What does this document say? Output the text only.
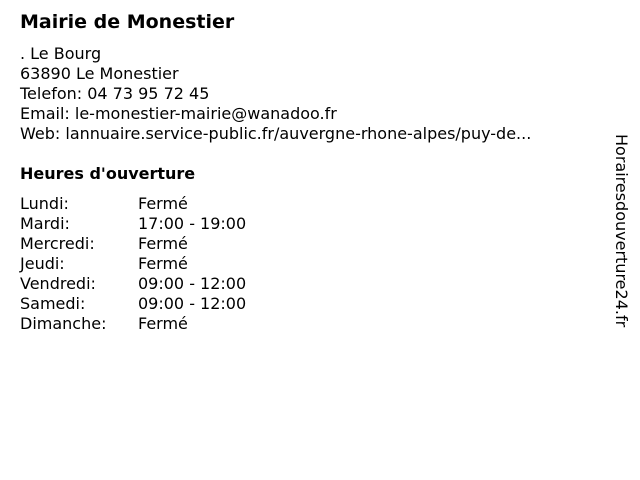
Mairie de Monestier
. Le Bourg
63890 Le Monestier
Telefon: 04 73 95 72 45
Email: le-monestier-mairie@wanadoo.fr
Web: lannuaire.service-public.fr/auvergne-rhone-alpes/puy-de...
Heures d'ouverture
Lundi:	Fermé
Mardi:	17:00 - 19:00
Mercredi:	Fermé
Jeudi:	Fermé
Vendredi:	09:00 - 12:00
Samedi:	09:00 - 12:00
Dimanche:	Fermé	Horairesdouverture24.fr
